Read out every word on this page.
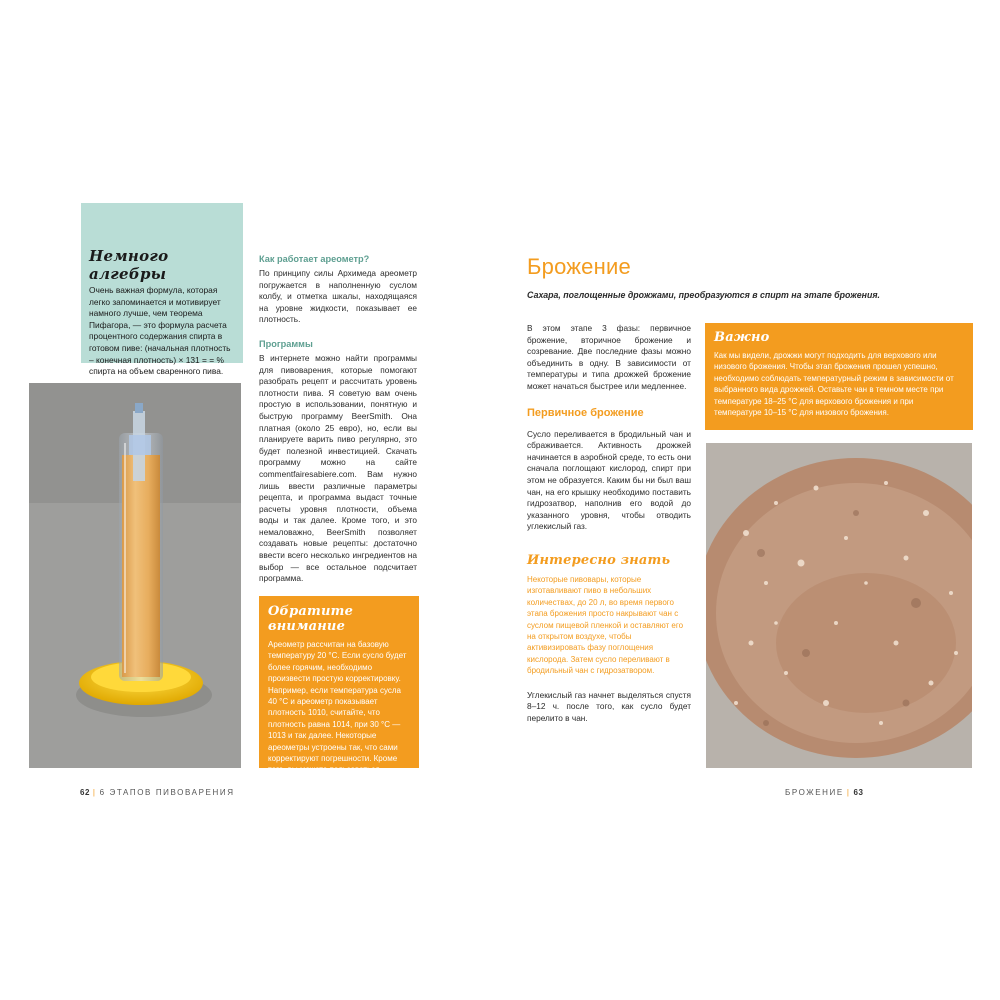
Немного алгебры

Очень важная формула, которая легко запоминается и мотивирует намного лучше, чем теорема Пифагора, — это формула расчета процентного содержания спирта в готовом пиве: (начальная плотность – конечная плотность) × 131 = = % спирта на объем сваренного пива.

Как работает ареометр?

По принципу силы Архимеда ареометр погружается в наполненную суслом колбу, и отметка шкалы, находящаяся на уровне жидкости, показывает ее плотность.

Программы

В интернете можно найти программы для пивоварения, которые помогают разобрать рецепт и рассчитать уровень плотности пива. Я советую вам очень простую в использовании, понятную и быструю программу BeerSmith. Она платная (около 25 евро), но, если вы планируете варить пиво регулярно, это будет полезной инвестицией. Скачать программу можно на сайте commentfairesabiere.com. Вам нужно лишь ввести различные параметры рецепта, и программа выдаст точные расчеты уровня плотности, объема воды и так далее. Кроме того, и это немаловажно, BeerSmith позволяет создавать новые рецепты: достаточно ввести всего несколько ингредиентов на выбор — все остальное подсчитает программа.

Обратите внимание

Ареометр рассчитан на базовую температуру 20 °C. Если сусло будет более горячим, необходимо произвести простую корректировку. Например, если температура сусла 40 °C и ареометр показывает плотность 1010, считайте, что плотность равна 1014, при 30 °C — 1013 и так далее. Некоторые ареометры устроены так, что сами корректируют погрешности. Кроме того, вы можете пользоваться онлайн-конвертерами.

62 | 6 ЭТАПОВ ПИВОВАРЕНИЯ
Брожение
Сахара, поглощенные дрожжами, преобразуются в спирт на этапе брожения.

В этом этапе 3 фазы: первичное брожение, вторичное брожение и созревание. Две последние фазы можно объединить в одну. В зависимости от температуры и типа дрожжей брожение может начаться быстрее или медленнее.

Первичное брожение

Сусло переливается в бродильный чан и сбраживается. Активность дрожжей начинается в аэробной среде, то есть они сначала поглощают кислород, спирт при этом не образуется. Каким бы ни был ваш чан, на его крышку необходимо поставить гидрозатвор, наполнив его водой до указанного уровня, чтобы отводить углекислый газ.

Интересно знать

Некоторые пивовары, которые изготавливают пиво в небольших количествах, до 20 л, во время первого этапа брожения просто накрывают чан с суслом пищевой пленкой и оставляют его на открытом воздухе, чтобы активизировать фазу поглощения кислорода. Затем сусло переливают в бродильный чан с гидрозатвором.

Углекислый газ начнет выделяться спустя 8–12 ч. после того, как сусло будет перелито в чан.

Важно

Как мы видели, дрожжи могут подходить для верхового или низового брожения. Чтобы этап брожения прошел успешно, необходимо соблюдать температурный режим в зависимости от выбранного вида дрожжей. Оставьте чан в темном месте при температуре 18–25 °C для верхового брожения и при температуре 10–15 °C для низового брожения.

БРОЖЕНИЕ | 63
